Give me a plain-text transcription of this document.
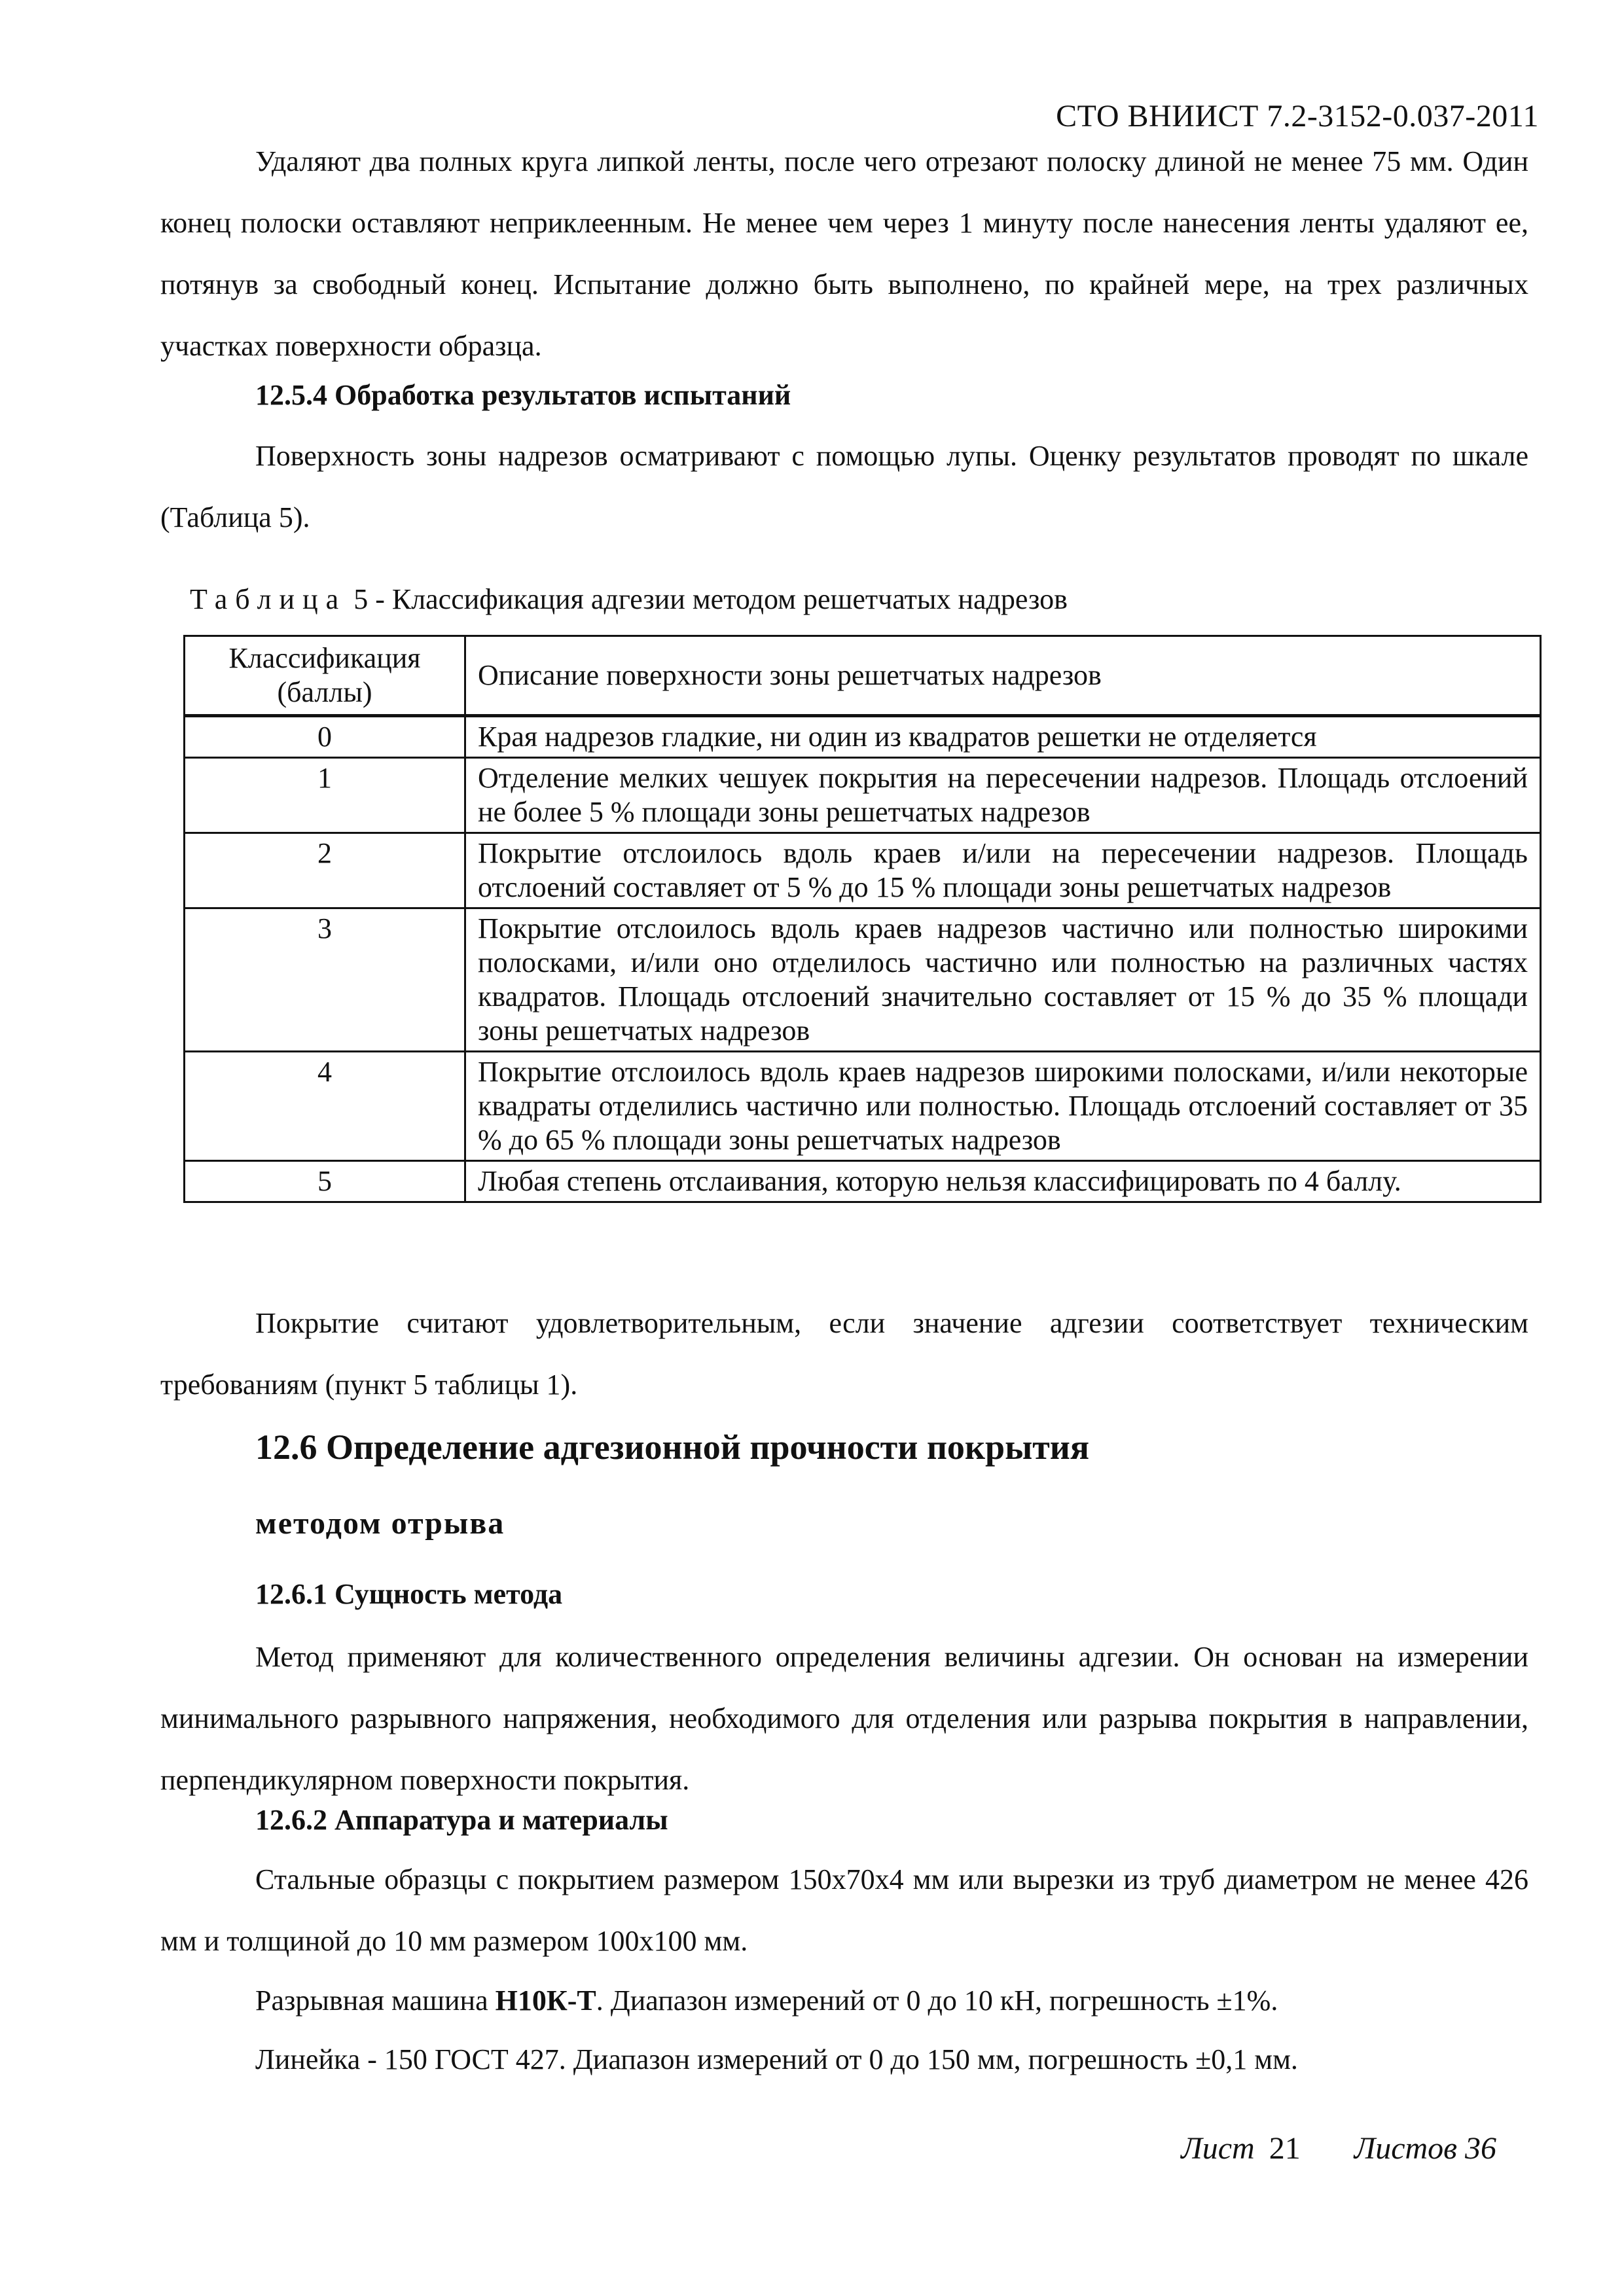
СТО ВНИИСТ 7.2-3152-0.037-2011
Удаляют два полных круга липкой ленты, после чего отрезают полоску длиной не менее 75 мм. Один конец полоски оставляют неприклеенным. Не менее чем через 1 минуту после нанесения ленты удаляют ее, потянув за свободный конец. Испытание должно быть выполнено, по крайней мере, на трех различных участках поверхности образца.
12.5.4 Обработка результатов испытаний
Поверхность зоны надрезов осматривают с помощью лупы. Оценку результатов проводят по шкале (Таблица 5).
Таблица 5 - Классификация адгезии методом решетчатых надрезов
Классификация (баллы)	Описание поверхности зоны решетчатых надрезов
0	Края надрезов гладкие, ни один из квадратов решетки не отделяется
1	Отделение мелких чешуек покрытия на пересечении надрезов. Площадь отслоений не более 5 % площади зоны решетчатых надрезов
2	Покрытие отслоилось вдоль краев и/или на пересечении надрезов. Площадь отслоений составляет от 5 % до 15 % площади зоны решетчатых надрезов
3	Покрытие отслоилось вдоль краев надрезов частично или полностью широкими полосками, и/или оно отделилось частично или полностью на различных частях квадратов. Площадь отслоений значительно составляет от 15 % до 35 % площади зоны решетчатых надрезов
4	Покрытие отслоилось вдоль краев надрезов широкими полосками, и/или некоторые квадраты отделились частично или полностью. Площадь отслоений составляет от 35 % до 65 % площади зоны решетчатых надрезов
5	Любая степень отслаивания, которую нельзя классифицировать по 4 баллу.
Покрытие считают удовлетворительным, если значение адгезии соответствует техническим требованиям (пункт 5 таблицы 1).
12.6 Определение адгезионной прочности покрытия
методом отрыва
12.6.1 Сущность метода
Метод применяют для количественного определения величины адгезии. Он основан на измерении минимального разрывного напряжения, необходимого для отделения или разрыва покрытия в направлении, перпендикулярном поверхности покрытия.
12.6.2 Аппаратура и материалы
Стальные образцы с покрытием размером 150x70x4 мм или вырезки из труб диаметром не менее 426 мм и толщиной до 10 мм размером 100x100 мм.
Разрывная машина Н10К-Т. Диапазон измерений от 0 до 10 кН, погрешность ±1%.
Линейка - 150 ГОСТ 427. Диапазон измерений от 0 до 150 мм, погрешность ±0,1 мм.
Лист 21 Листов 36
